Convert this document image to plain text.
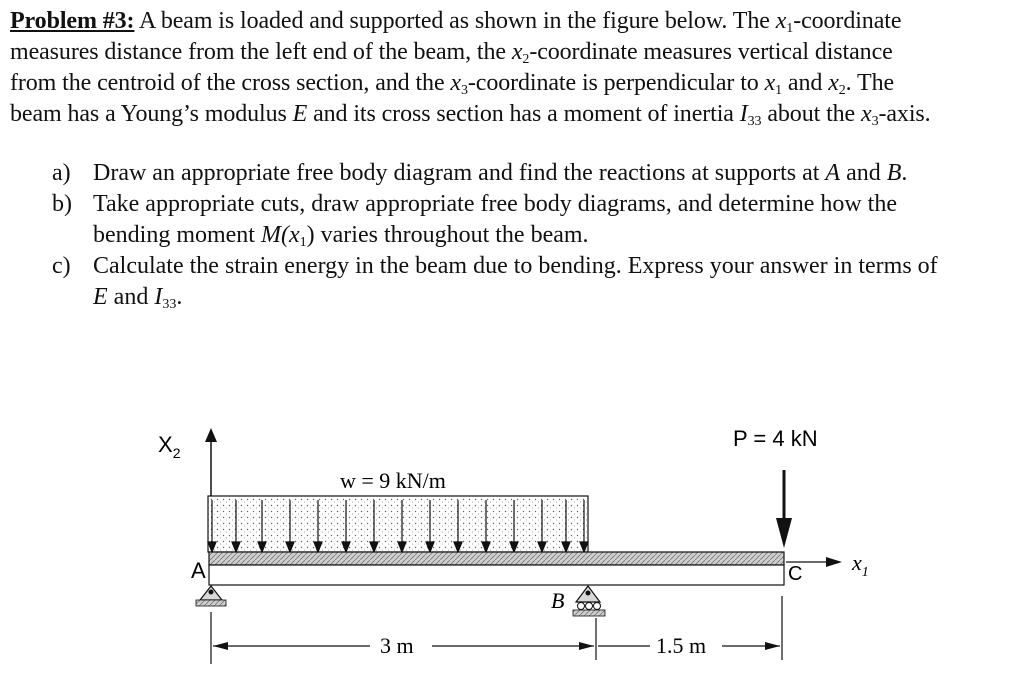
Problem #3: A beam is loaded and supported as shown in the figure below. The $x_1$-coordinate
measures distance from the left end of the beam, the $x_2$-coordinate measures vertical distance
from the centroid of the cross section, and the $x_3$-coordinate is perpendicular to $x_1$ and $x_2$. The
beam has a Young’s modulus E and its cross section has a moment of inertia $I_{33}$ about the $x_3$-axis.
a) Draw an appropriate free body diagram and find the reactions at supports at A and B.
b) Take appropriate cuts, draw appropriate free body diagrams, and determine how the
bending moment $M(x_1)$ varies throughout the beam.
c) Calculate the strain energy in the beam due to bending. Express your answer in terms of
E and $I_{33}$.
$X_2$
w = 9 kN/m
P = 4 kN
$x_1$
A
B
C
3 m	1.5 m
